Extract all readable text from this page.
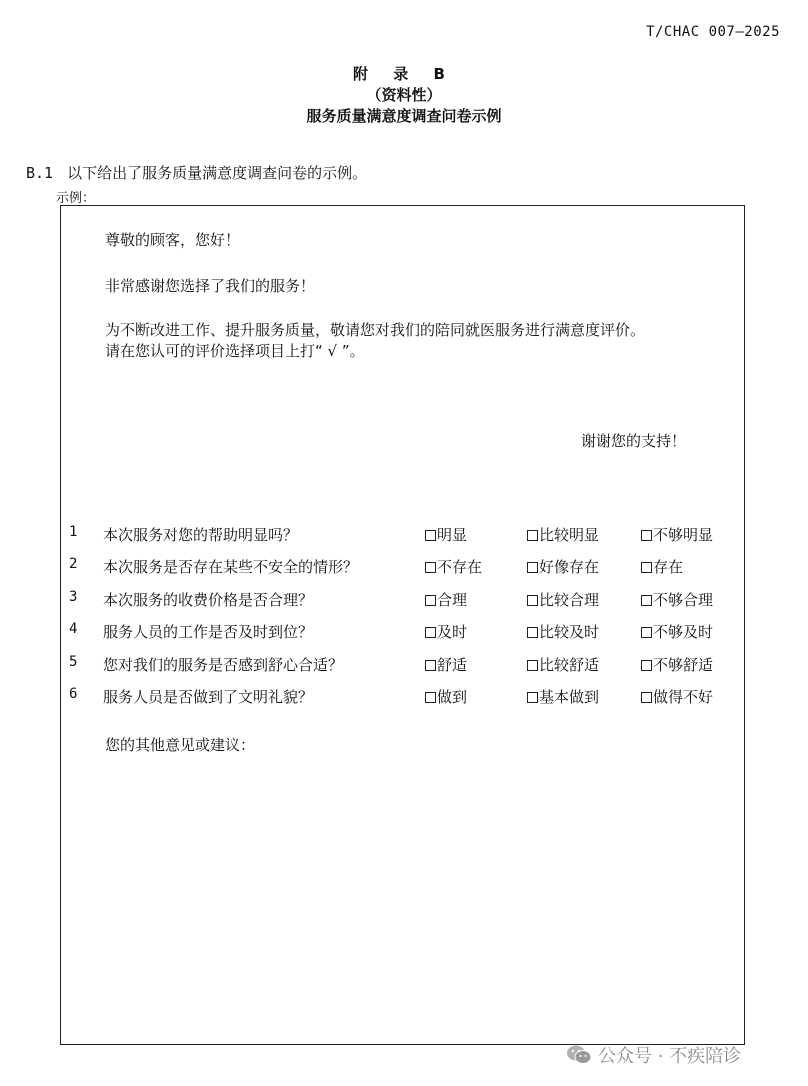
T/CHAC 007—2025
附 录 B
（资料性）
服务质量满意度调查问卷示例
B.1 以下给出了服务质量满意度调查问卷的示例。
示例：
尊敬的顾客，您好！
非常感谢您选择了我们的服务！
为不断改进工作、提升服务质量，敬请您对我们的陪同就医服务进行满意度评价。
请在您认可的评价选择项目上打“ √ ”。
谢谢您的支持！
1 本次服务对您的帮助明显吗？	明显	比较明显	不够明显
2 本次服务是否存在某些不安全的情形？	不存在	好像存在	存在
3 本次服务的收费价格是否合理？	合理	比较合理	不够合理
4 服务人员的工作是否及时到位？	及时	比较及时	不够及时
5 您对我们的服务是否感到舒心合适？	舒适	比较舒适	不够舒适
6 服务人员是否做到了文明礼貌？	做到	基本做到	做得不好
您的其他意见或建议：
公众号 · 不疾陪诊
